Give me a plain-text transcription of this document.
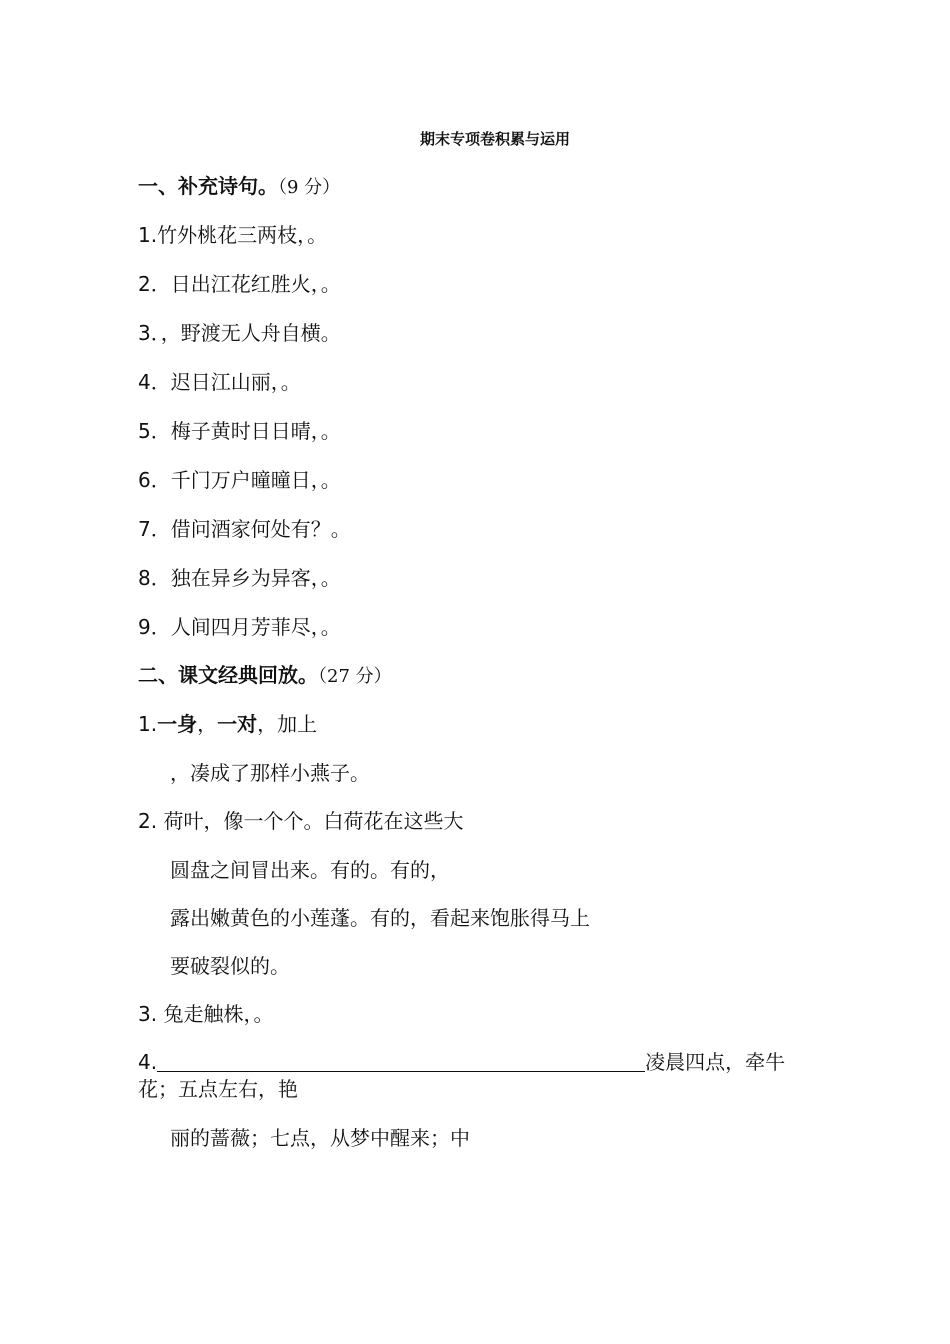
期末专项卷积累与运用
一、补充诗句。（9 分）
1.竹外桃花三两枝，。
2．日出江花红胜火，。
3．，野渡无人舟自横。
4．迟日江山丽，。
5．梅子黄时日日晴，。
6．千门万户曈曈日，。
7．借问酒家何处有？。
8．独在异乡为异客，。
9．人间四月芳菲尽，。
二、课文经典回放。（27 分）
1.一身，一对，加上
，凑成了那样小燕子。
2. 荷叶，像一个个。白荷花在这些大
圆盘之间冒出来。有的。有的，
露出嫩黄色的小莲蓬。有的，看起来饱胀得马上
要破裂似的。
3. 兔走触株，。
4.	凌晨四点，牵牛
花；五点左右，艳
丽的蔷薇；七点，从梦中醒来；中
